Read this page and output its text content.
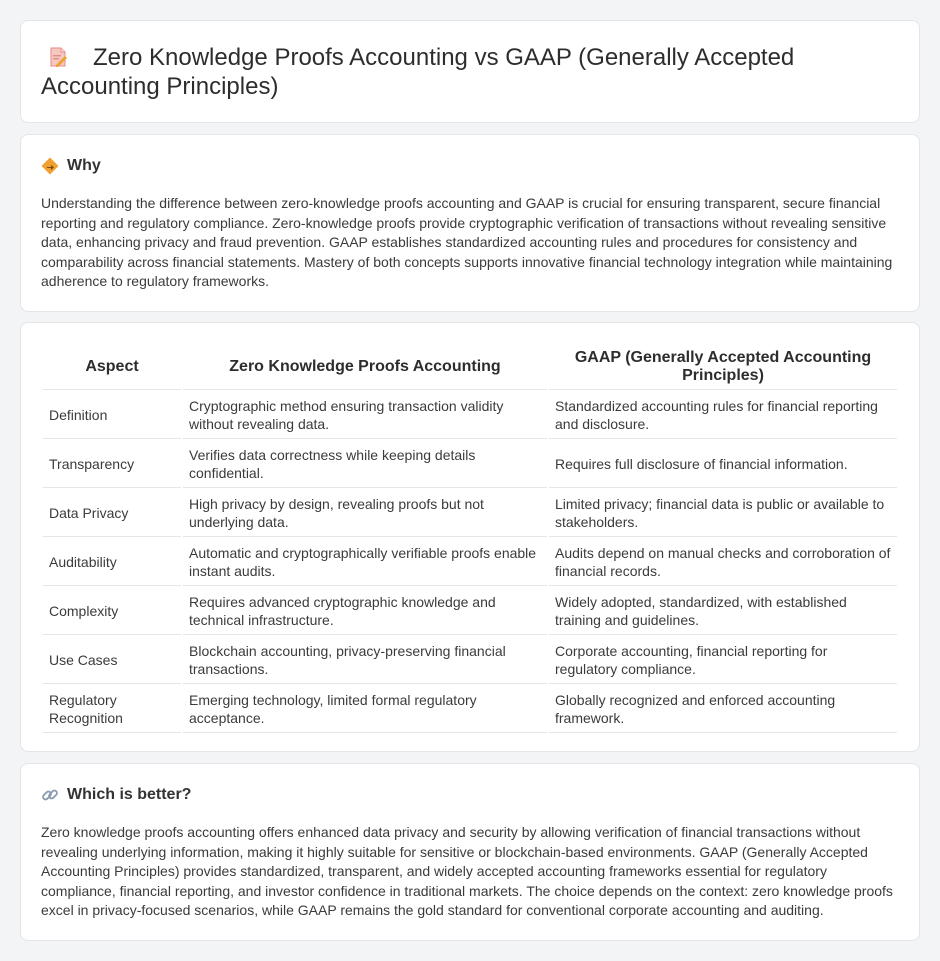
Zero Knowledge Proofs Accounting vs GAAP (Generally Accepted Accounting Principles)
Why

Understanding the difference between zero-knowledge proofs accounting and GAAP is crucial for ensuring transparent, secure financial reporting and regulatory compliance. Zero-knowledge proofs provide cryptographic verification of transactions without revealing sensitive data, enhancing privacy and fraud prevention. GAAP establishes standardized accounting rules and procedures for consistency and comparability across financial statements. Mastery of both concepts supports innovative financial technology integration while maintaining adherence to regulatory frameworks.

Aspect	Zero Knowledge Proofs Accounting	GAAP (Generally Accepted Accounting Principles)
Definition	Cryptographic method ensuring transaction validity without revealing data.	Standardized accounting rules for financial reporting and disclosure.
Transparency	Verifies data correctness while keeping details confidential.	Requires full disclosure of financial information.
Data Privacy	High privacy by design, revealing proofs but not underlying data.	Limited privacy; financial data is public or available to stakeholders.
Auditability	Automatic and cryptographically verifiable proofs enable instant audits.	Audits depend on manual checks and corroboration of financial records.
Complexity	Requires advanced cryptographic knowledge and technical infrastructure.	Widely adopted, standardized, with established training and guidelines.
Use Cases	Blockchain accounting, privacy-preserving financial transactions.	Corporate accounting, financial reporting for regulatory compliance.
Regulatory Recognition	Emerging technology, limited formal regulatory acceptance.	Globally recognized and enforced accounting framework.
Which is better?

Zero knowledge proofs accounting offers enhanced data privacy and security by allowing verification of financial transactions without revealing underlying information, making it highly suitable for sensitive or blockchain-based environments. GAAP (Generally Accepted Accounting Principles) provides standardized, transparent, and widely accepted accounting frameworks essential for regulatory compliance, financial reporting, and investor confidence in traditional markets. The choice depends on the context: zero knowledge proofs excel in privacy-focused scenarios, while GAAP remains the gold standard for conventional corporate accounting and auditing.
